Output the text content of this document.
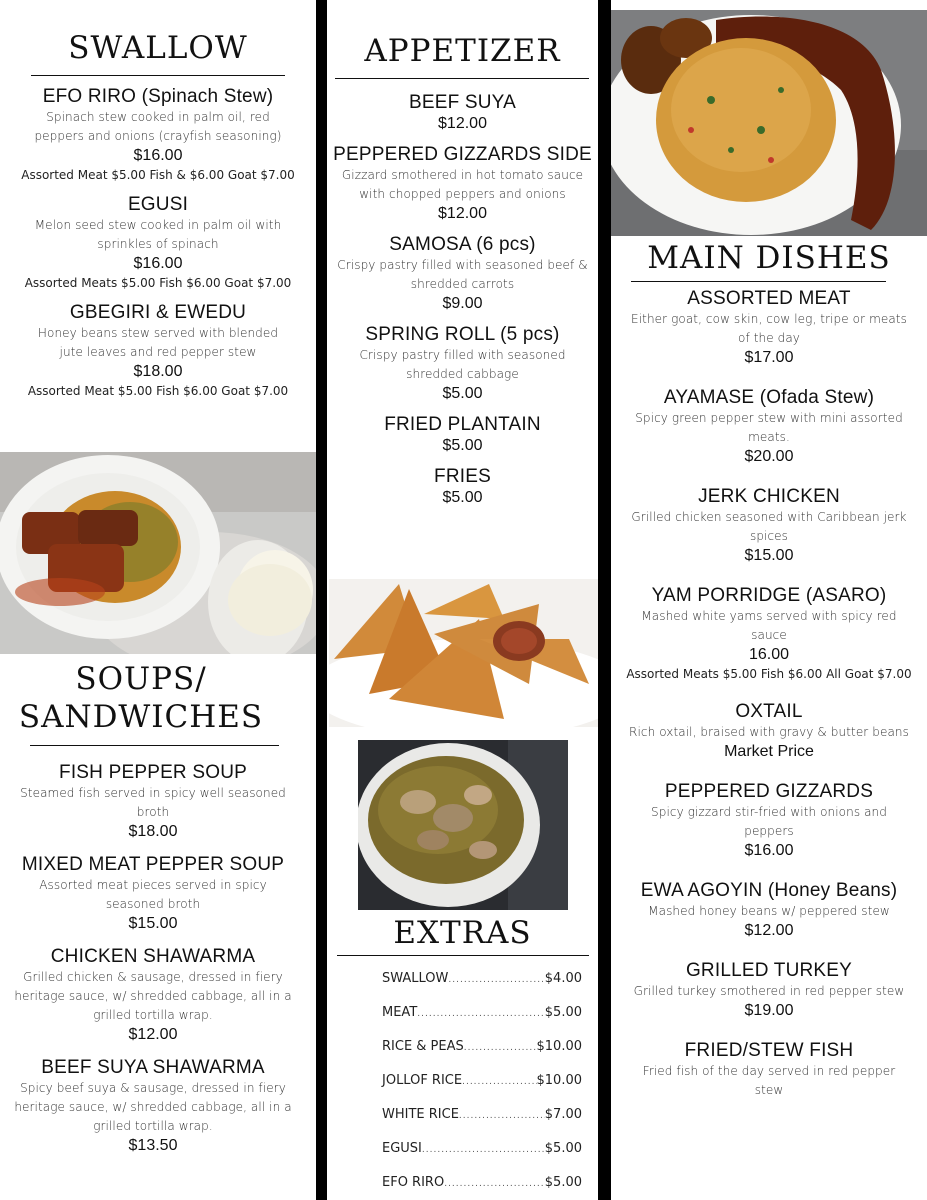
SWALLOW
EFO RIRO (Spinach Stew)
Spinach stew cooked in palm oil, red peppers and onions (crayfish seasoning)
$16.00
Assorted Meat $5.00 Fish & $6.00 Goat $7.00
EGUSI
Melon seed stew cooked in palm oil with sprinkles of spinach
$16.00
Assorted Meats $5.00 Fish $6.00 Goat $7.00
GBEGIRI & EWEDU
Honey beans stew served with blended jute leaves and red pepper stew
$18.00
Assorted Meat $5.00 Fish $6.00 Goat $7.00
SOUPS/
SANDWICHES
FISH PEPPER SOUP
Steamed fish served in spicy well seasoned broth
$18.00
MIXED MEAT PEPPER SOUP
Assorted meat pieces served in spicy seasoned broth
$15.00
CHICKEN SHAWARMA
Grilled chicken & sausage, dressed in fiery heritage sauce, w/ shredded cabbage, all in a grilled tortilla wrap.
$12.00
BEEF SUYA SHAWARMA
Spicy beef suya & sausage, dressed in fiery heritage sauce, w/ shredded cabbage, all in a grilled tortilla wrap.
$13.50
APPETIZER
BEEF SUYA
$12.00
PEPPERED GIZZARDS SIDE
Gizzard smothered in hot tomato sauce with chopped peppers and onions
$12.00
SAMOSA (6 pcs)
Crispy pastry filled with seasoned beef & shredded carrots
$9.00
SPRING ROLL (5 pcs)
Crispy pastry filled with seasoned shredded cabbage
$5.00
FRIED PLANTAIN
$5.00
FRIES
$5.00
EXTRAS
SWALLOW .....	$4.00
MEAT .....	$5.00
RICE & PEAS .....	$10.00
JOLLOF RICE .....	$10.00
WHITE RICE .....	$7.00
EGUSI .....	$5.00
EFO RIRO .....	$5.00
MAIN DISHES
ASSORTED MEAT
Either goat, cow skin, cow leg, tripe or meats of the day
$17.00
AYAMASE (Ofada Stew)
Spicy green pepper stew with mini assorted meats.
$20.00
JERK CHICKEN
Grilled chicken seasoned with Caribbean jerk spices
$15.00
YAM PORRIDGE (ASARO)
Mashed white yams served with spicy red sauce
16.00
Assorted Meats $5.00 Fish $6.00 All Goat $7.00
OXTAIL
Rich oxtail, braised with gravy & butter beans
Market Price
PEPPERED GIZZARDS
Spicy gizzard stir-fried with onions and peppers
$16.00
EWA AGOYIN (Honey Beans)
Mashed honey beans w/ peppered stew
$12.00
GRILLED TURKEY
Grilled turkey smothered in red pepper stew
$19.00
FRIED/STEW FISH
Fried fish of the day served in red pepper stew
